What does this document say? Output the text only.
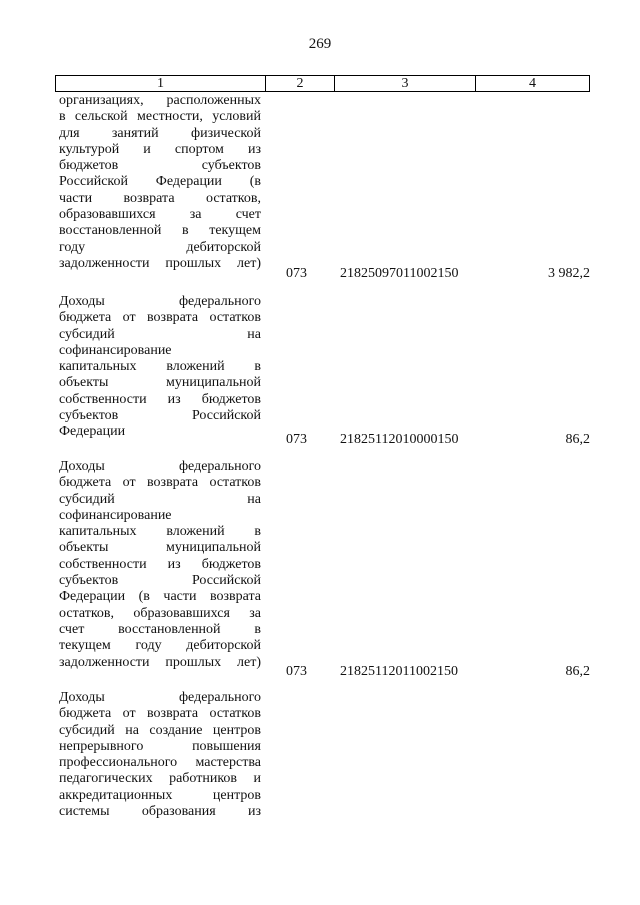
269
1	2	3	4
организациях, расположенных
в сельской местности, условий
для занятий физической
культурой и спортом из
бюджетов субъектов
Российской Федерации (в
части возврата остатков,
образовавшихся за счет
восстановленной в текущем
году дебиторской
задолженности прошлых лет)
073 21825097011002150	3 982,2
Доходы федерального
бюджета от возврата остатков
субсидий на
софинансирование
капитальных вложений в
объекты муниципальной
собственности из бюджетов
субъектов Российской
Федерации
073 21825112010000150	86,2
Доходы федерального
бюджета от возврата остатков
субсидий на
софинансирование
капитальных вложений в
объекты муниципальной
собственности из бюджетов
субъектов Российской
Федерации (в части возврата
остатков, образовавшихся за
счет восстановленной в
текущем году дебиторской
задолженности прошлых лет)
073 21825112011002150	86,2
Доходы федерального
бюджета от возврата остатков
субсидий на создание центров
непрерывного повышения
профессионального мастерства
педагогических работников и
аккредитационных центров
системы образования из
